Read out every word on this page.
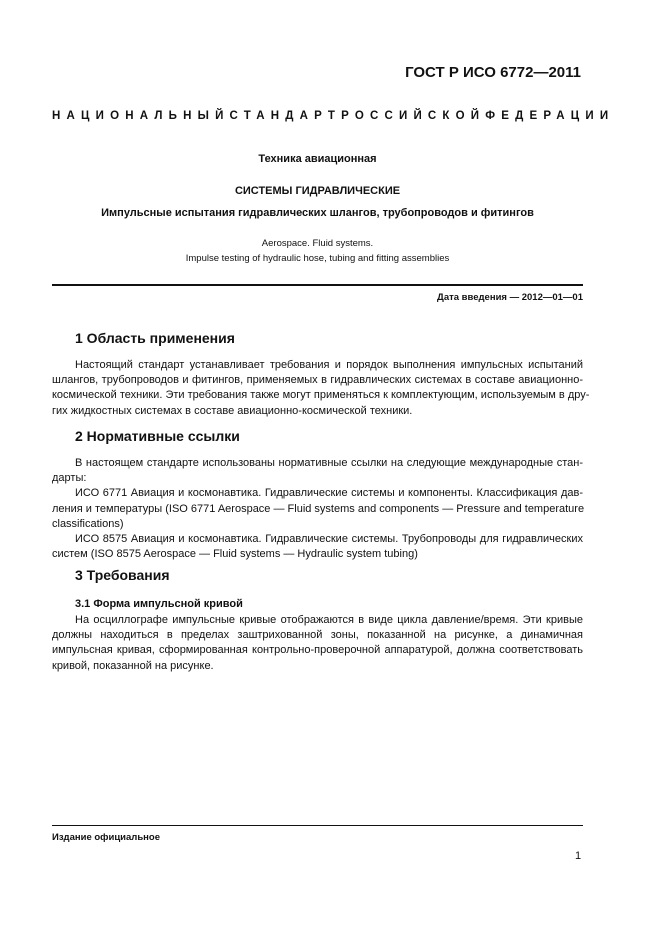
ГОСТ Р ИСО 6772—2011
НАЦИОНАЛЬНЫЙ СТАНДАРТ РОССИЙСКОЙ ФЕДЕРАЦИИ
Техника авиационная
СИСТЕМЫ ГИДРАВЛИЧЕСКИЕ
Импульсные испытания гидравлических шлангов, трубопроводов и фитингов
Aerospace. Fluid systems.
Impulse testing of hydraulic hose, tubing and fitting assemblies
Дата введения — 2012—01—01
1 Область применения
Настоящий стандарт устанавливает требования и порядок выполнения импульсных испытаний
шлангов, трубопроводов и фитингов, применяемых в гидравлических системах в составе авиационно-
космической техники. Эти требования также могут применяться к комплектующим, используемым в дру-
гих жидкостных системах в составе авиационно-космической техники.
2 Нормативные ссылки
В настоящем стандарте использованы нормативные ссылки на следующие международные стан-
дарты:
ИСО 6771 Авиация и космонавтика. Гидравлические системы и компоненты. Классификация дав-
ления и температуры (ISO 6771 Aerospace — Fluid systems and components — Pressure and temperature
classifications)
ИСО 8575 Авиация и космонавтика. Гидравлические системы. Трубопроводы для гидравлических
систем (ISO 8575 Aerospace — Fluid systems — Hydraulic system tubing)
3 Требования
3.1 Форма импульсной кривой
На осциллографе импульсные кривые отображаются в виде цикла давление/время. Эти кривые
должны находиться в пределах заштрихованной зоны, показанной на рисунке, а динамичная
импульсная кривая, сформированная контрольно-проверочной аппаратурой, должна соответствовать
кривой, показанной на рисунке.
Издание официальное
1
